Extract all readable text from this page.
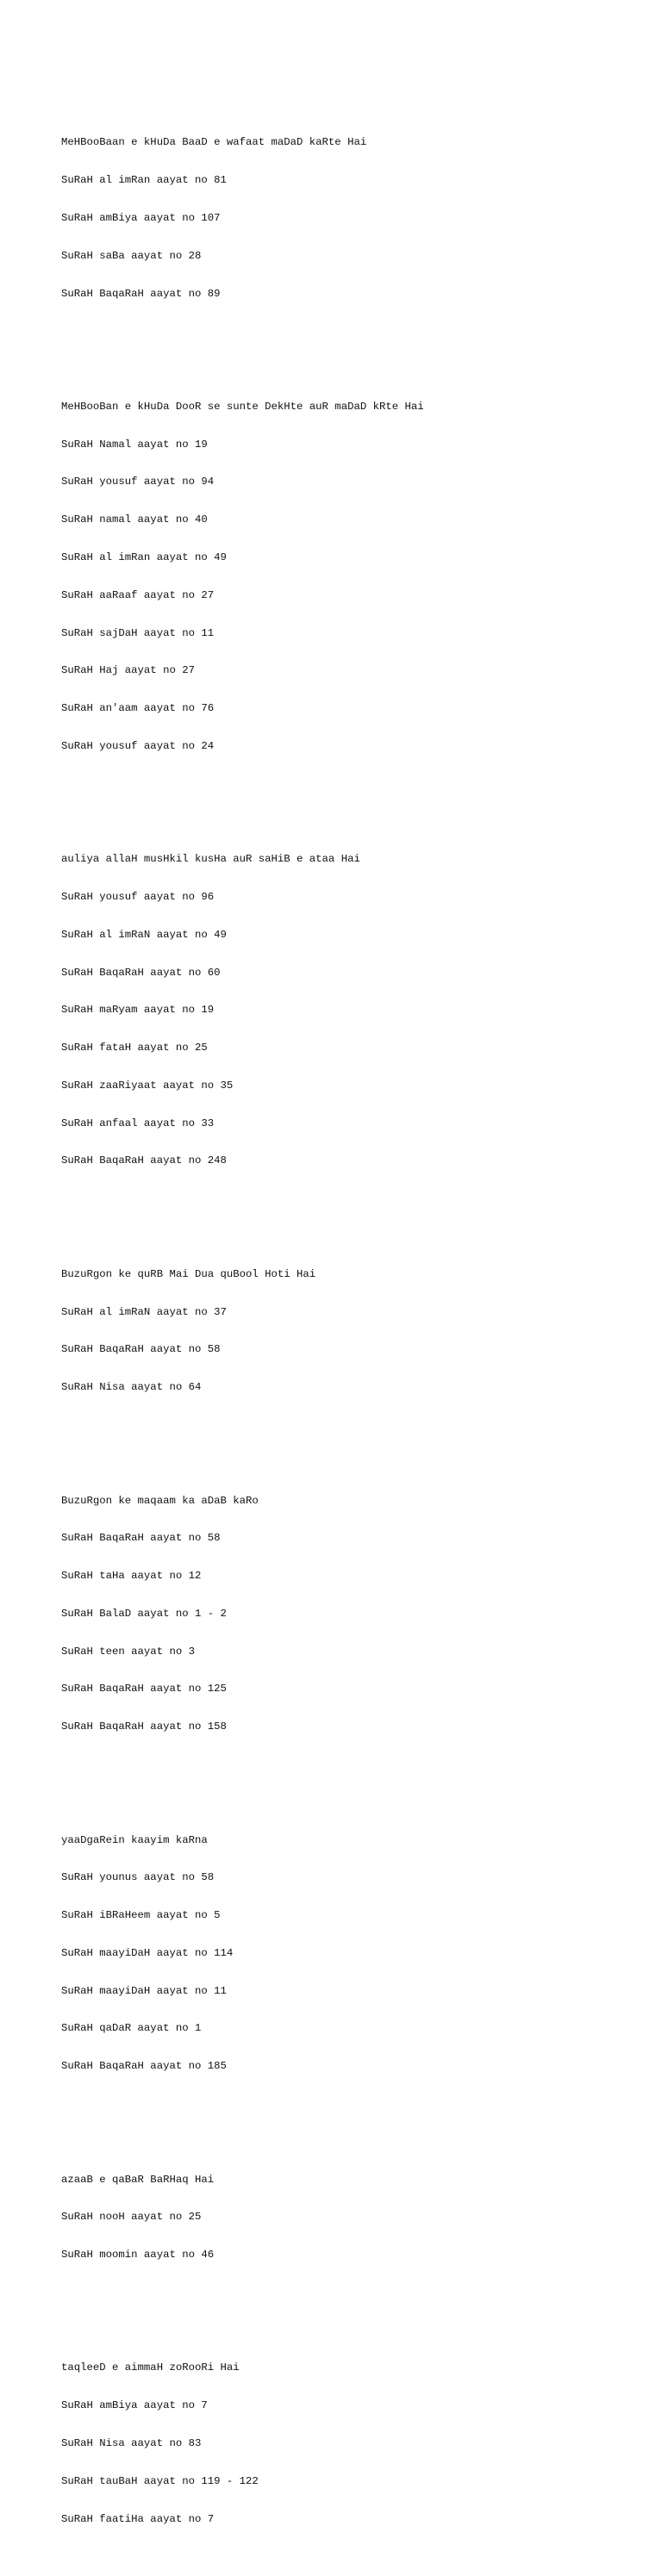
MeHBooBaan e kHuDa BaaD e wafaat maDaD kaRte Hai

SuRaH al imRan aayat no 81

SuRaH amBiya aayat no 107

SuRaH saBa aayat no 28

SuRaH BaqaRaH aayat no 89

MeHBooBan e kHuDa DooR se sunte DekHte auR maDaD kRte Hai

SuRaH Namal aayat no 19

SuRaH yousuf aayat no 94

SuRaH namal aayat no 40

SuRaH al imRan aayat no 49

SuRaH aaRaaf aayat no 27

SuRaH sajDaH aayat no 11

SuRaH Haj aayat no 27

SuRaH an'aam aayat no 76

SuRaH yousuf aayat no 24

auliya allaH musHkil kusHa auR saHiB e ataa Hai

SuRaH yousuf aayat no 96

SuRaH al imRaN aayat no 49

SuRaH BaqaRaH aayat no 60

SuRaH maRyam aayat no 19

SuRaH fataH aayat no 25

SuRaH zaaRiyaat aayat no 35

SuRaH anfaal aayat no 33

SuRaH BaqaRaH aayat no 248

BuzuRgon ke quRB Mai Dua quBool Hoti Hai

SuRaH al imRaN aayat no 37

SuRaH BaqaRaH aayat no 58

SuRaH Nisa aayat no 64

BuzuRgon ke maqaam ka aDaB kaRo

SuRaH BaqaRaH aayat no 58

SuRaH taHa aayat no 12

SuRaH BalaD aayat no 1 - 2

SuRaH teen aayat no 3

SuRaH BaqaRaH aayat no 125

SuRaH BaqaRaH aayat no 158

yaaDgaRein kaayim kaRna

SuRaH younus aayat no 58

SuRaH iBRaHeem aayat no 5

SuRaH maayiDaH aayat no 114

SuRaH maayiDaH aayat no 11

SuRaH qaDaR aayat no 1

SuRaH BaqaRaH aayat no 185

azaaB e qaBaR BaRHaq Hai

SuRaH nooH aayat no 25

SuRaH moomin aayat no 46

taqleeD e aimmaH zoRooRi Hai

SuRaH amBiya aayat no 7

SuRaH Nisa aayat no 83

SuRaH tauBaH aayat no 119 - 122

SuRaH faatiHa aayat no 7
